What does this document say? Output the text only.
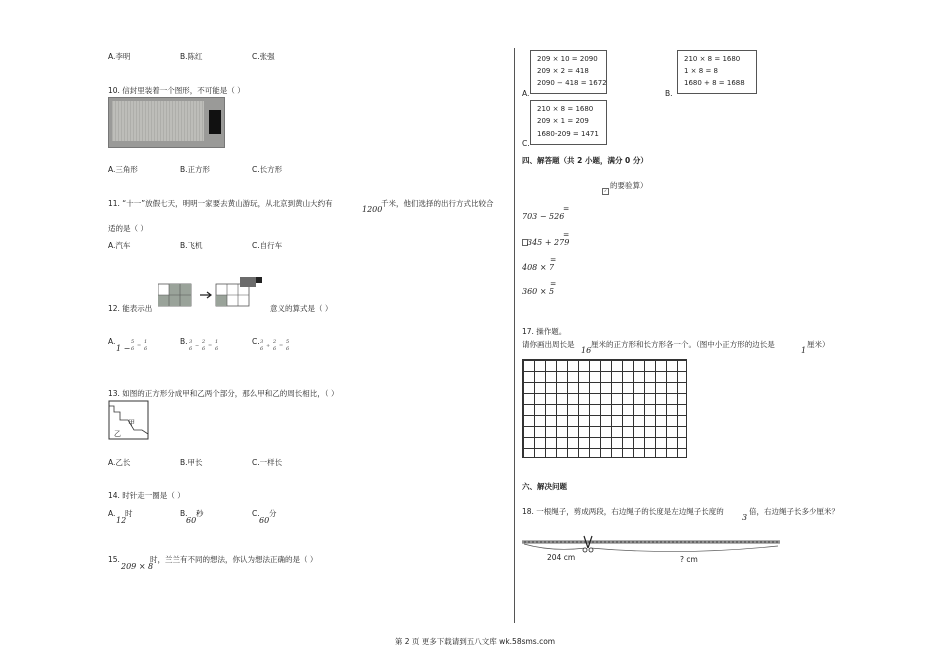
A.李明	B.陈红	C.张强
10. 信封里装着一个图形，不可能是（ ）
A.三角形	B.正方形	C.长方形
11. “十一”放假七天，明明一家要去黄山游玩，从北京到黄山大约有
1200
千米，他们选择的出行方式比较合
适的是（ ）
A.汽车	B.飞机	C.自行车
12. 能表示出	意义的算式是（ ）
A.
1 −
5
6 =
1
6
B. 3
6 −
2
6 =
1
6
C. 3
6 +
2
6 =
5
6
13. 如图的正方形分成甲和乙两个部分，那么甲和乙的周长相比，（ ）
甲
乙
A.乙长	B.甲长	C.一样长
14. 时针走一圈是（ ）
A.
12
时	B.
60
秒	C.
60
分
15.
209 × 8
时，兰兰有不同的想法，你认为想法正确的是（ ）
A.
209 × 10 = 2090
209 × 2 = 418
2090 − 418 = 1672
B.
210 × 8 = 1680
1 × 8 = 8
1680 + 8 = 1688
C.
210 × 8 = 1680
209 × 1 = 209
1680-209 = 1471
四、解答题（共 2 小题，满分 0 分）
✓
的要验算）
703 − 526
=
345 + 279
=
408 × 7
=
360 × 5
=
17. 操作题。
请你画出周长是
16
厘米的正方形和长方形各一个。（图中小正方形的边长是
1
厘米）
六、解决问题
18. 一根绳子，剪成两段，右边绳子的长度是左边绳子长度的
3
倍，右边绳子长多少厘米？
204 cm	? cm
第 2 页 更多下载请到五八文库 wk.58sms.com
